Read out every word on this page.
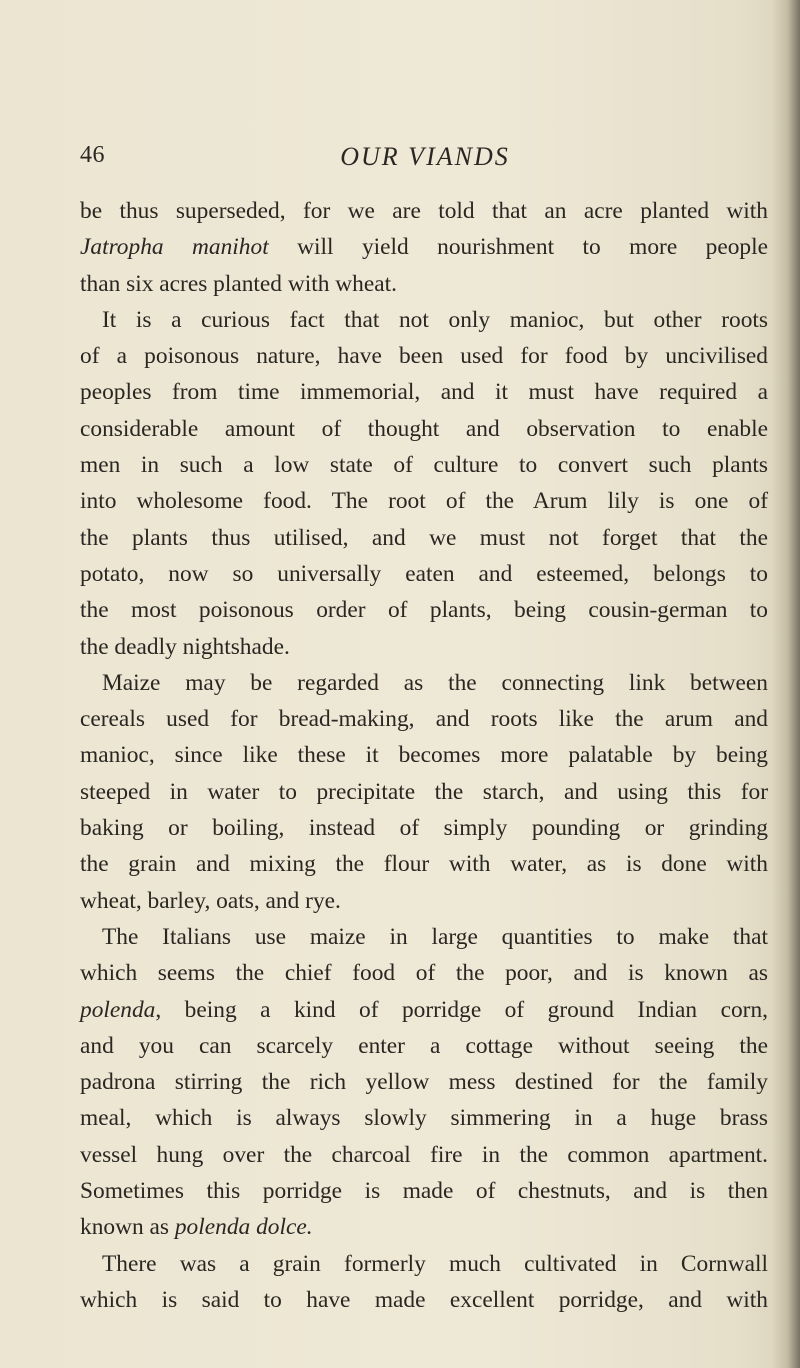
46	OUR VIANDS
be thus superseded, for we are told that an acre planted with
Jatropha manihot will yield nourishment to more people
than six acres planted with wheat.
It is a curious fact that not only manioc, but other roots
of a poisonous nature, have been used for food by uncivilised
peoples from time immemorial, and it must have required a
considerable amount of thought and observation to enable
men in such a low state of culture to convert such plants
into wholesome food. The root of the Arum lily is one of
the plants thus utilised, and we must not forget that the
potato, now so universally eaten and esteemed, belongs to
the most poisonous order of plants, being cousin-german to
the deadly nightshade.
Maize may be regarded as the connecting link between
cereals used for bread-making, and roots like the arum and
manioc, since like these it becomes more palatable by being
steeped in water to precipitate the starch, and using this for
baking or boiling, instead of simply pounding or grinding
the grain and mixing the flour with water, as is done with
wheat, barley, oats, and rye.
The Italians use maize in large quantities to make that
which seems the chief food of the poor, and is known as
polenda, being a kind of porridge of ground Indian corn,
and you can scarcely enter a cottage without seeing the
padrona stirring the rich yellow mess destined for the family
meal, which is always slowly simmering in a huge brass
vessel hung over the charcoal fire in the common apartment.
Sometimes this porridge is made of chestnuts, and is then
known as polenda dolce.
There was a grain formerly much cultivated in Cornwall
which is said to have made excellent porridge, and with
